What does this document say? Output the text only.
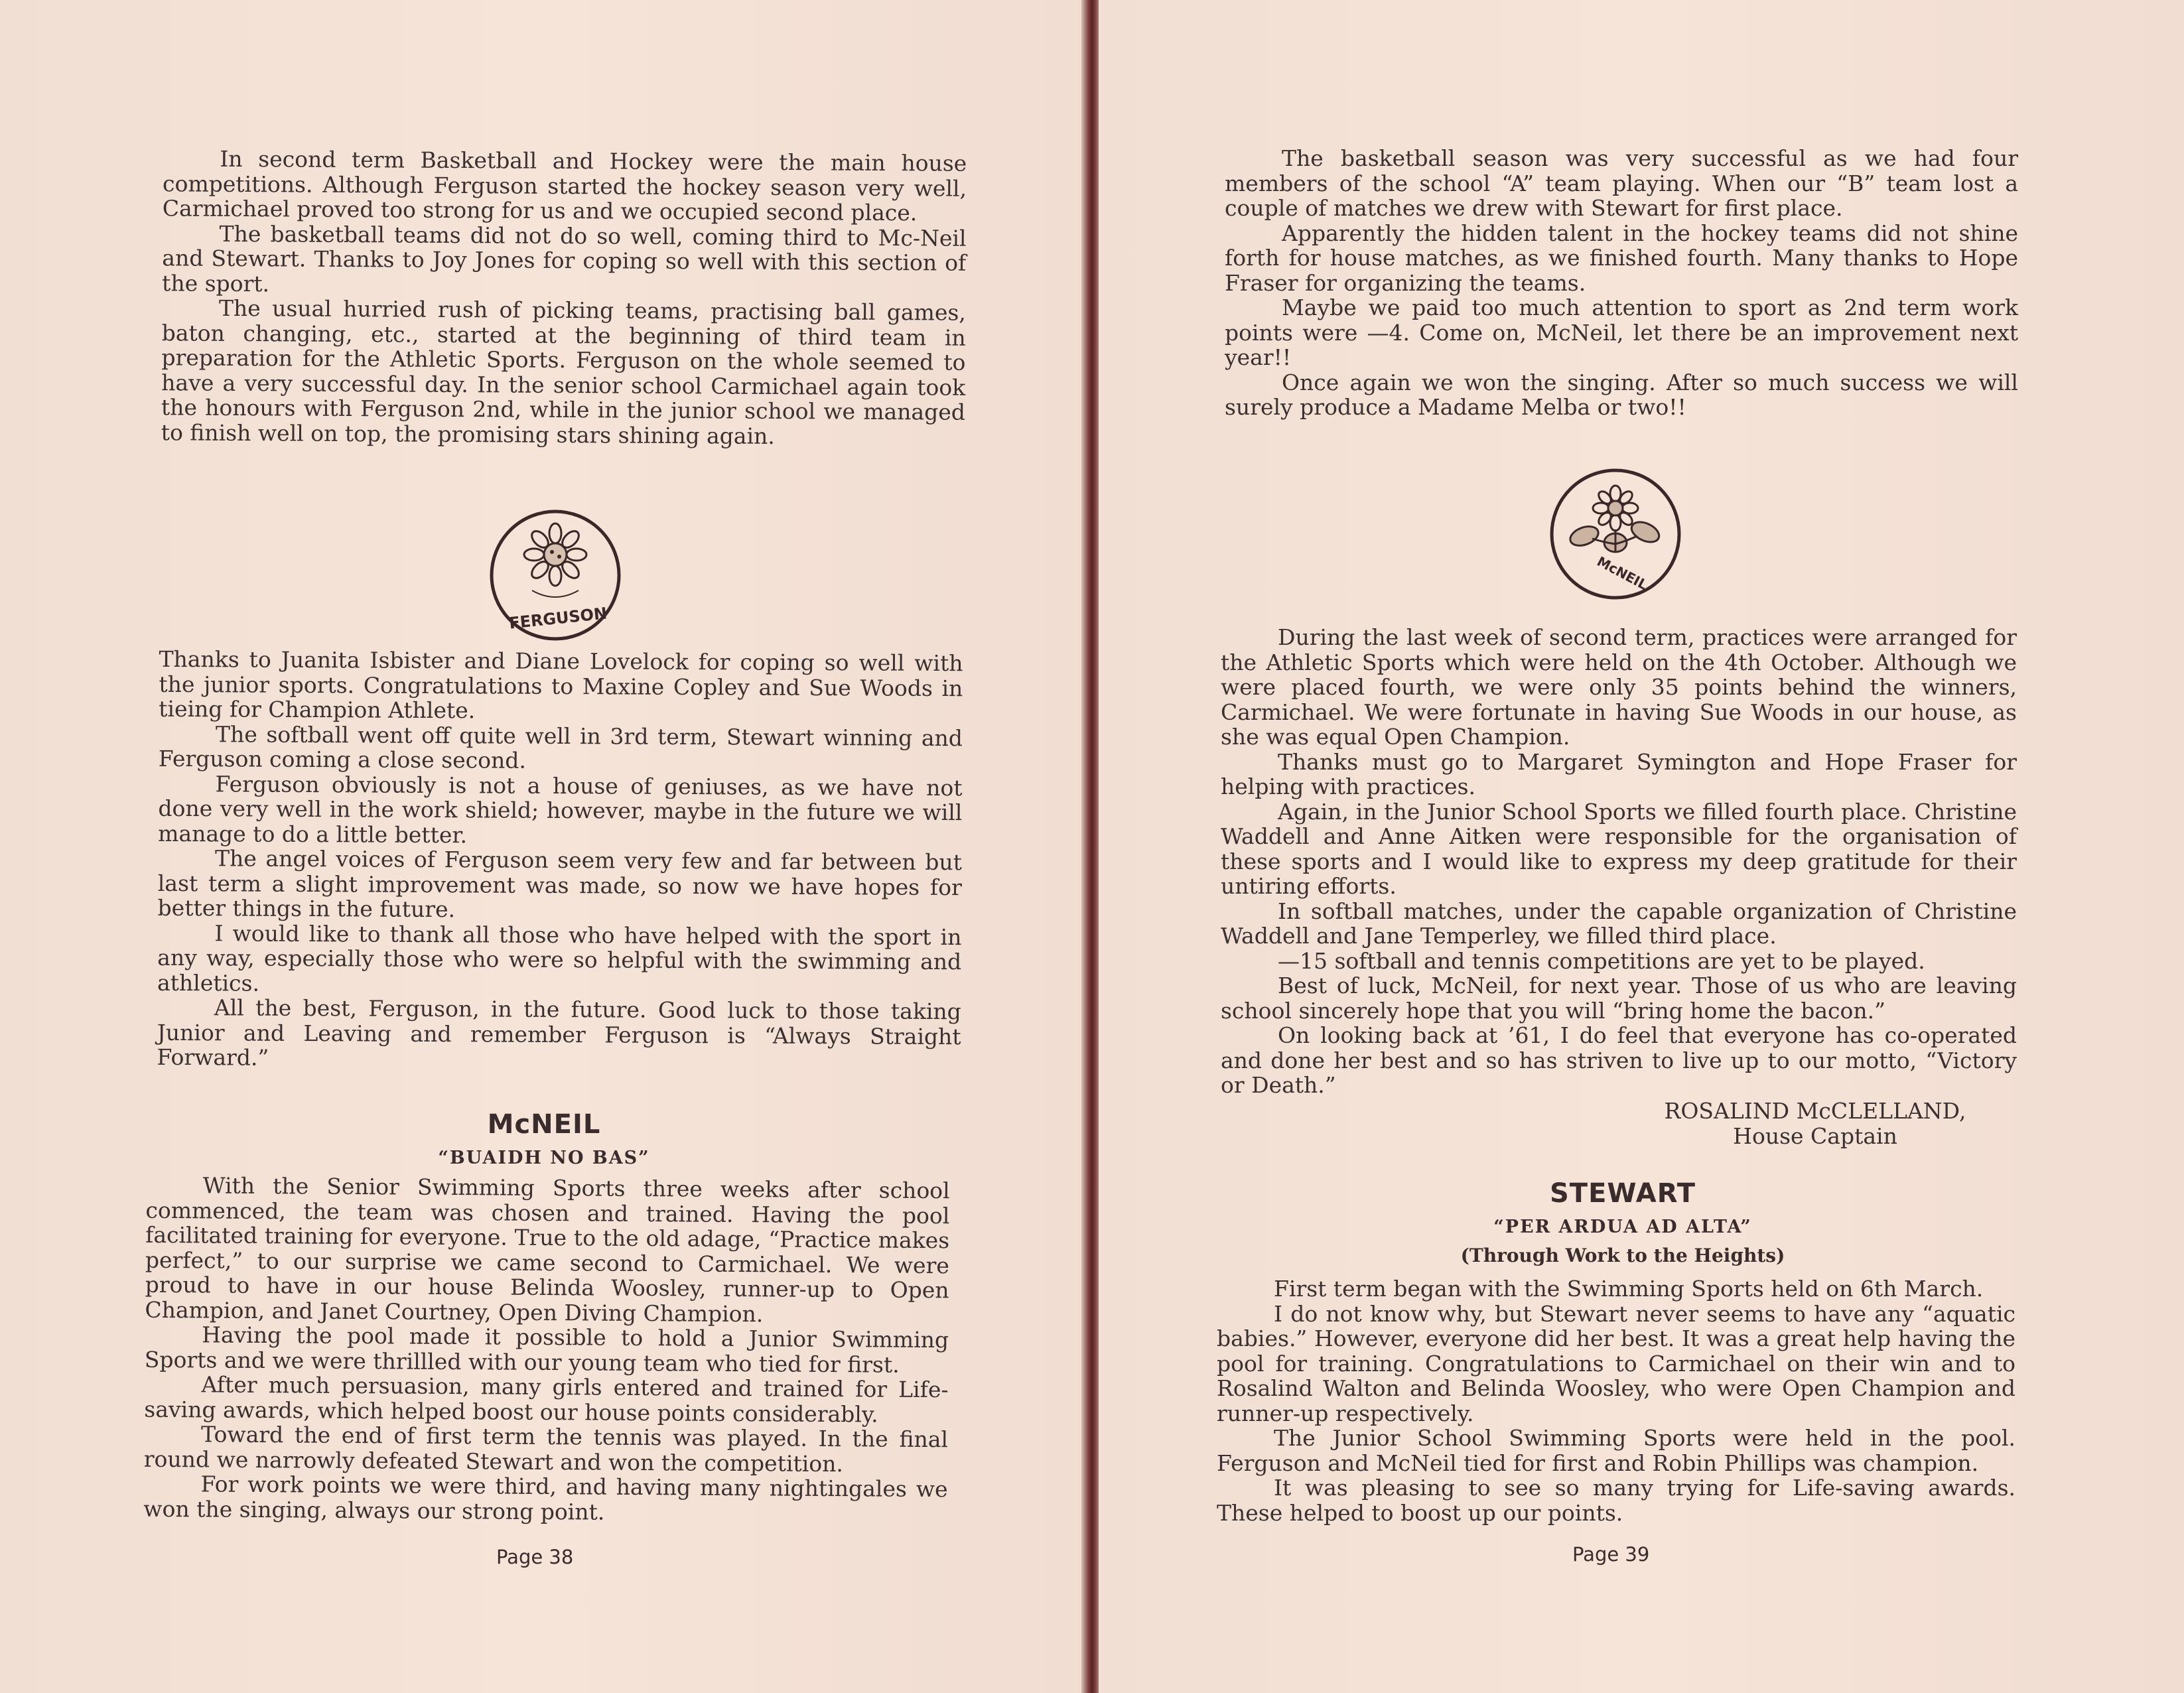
In second term Basketball and Hockey were the main house competitions. Although Ferguson started the hockey season very well, Carmichael proved too strong for us and we occupied second place.

The basketball teams did not do so well, coming third to Mc-Neil and Stewart. Thanks to Joy Jones for coping so well with this section of the sport.

The usual hurried rush of picking teams, practising ball games, baton changing, etc., started at the beginning of third team in preparation for the Athletic Sports. Ferguson on the whole seemed to have a very successful day. In the senior school Carmichael again took the honours with Ferguson 2nd, while in the junior school we managed to finish well on top, the promising stars shining again.

FERGUSON

Thanks to Juanita Isbister and Diane Lovelock for coping so well with the junior sports. Congratulations to Maxine Copley and Sue Woods in tieing for Champion Athlete.

The softball went off quite well in 3rd term, Stewart winning and Ferguson coming a close second.

Ferguson obviously is not a house of geniuses, as we have not done very well in the work shield; however, maybe in the future we will manage to do a little better.

The angel voices of Ferguson seem very few and far between but last term a slight improvement was made, so now we have hopes for better things in the future.

I would like to thank all those who have helped with the sport in any way, especially those who were so helpful with the swimming and athletics.

All the best, Ferguson, in the future. Good luck to those taking Junior and Leaving and remember Ferguson is “Always Straight Forward.”

McNEIL
“BUAIDH NO BAS”

With the Senior Swimming Sports three weeks after school commenced, the team was chosen and trained. Having the pool facilitated training for everyone. True to the old adage, “Practice makes perfect,” to our surprise we came second to Carmichael. We were proud to have in our house Belinda Woosley, runner-up to Open Champion, and Janet Courtney, Open Diving Champion.

Having the pool made it possible to hold a Junior Swimming Sports and we were thrillled with our young team who tied for first.

After much persuasion, many girls entered and trained for Life-saving awards, which helped boost our house points considerably.

Toward the end of first term the tennis was played. In the final round we narrowly defeated Stewart and won the competition.

For work points we were third, and having many nightingales we won the singing, always our strong point.

Page 38

The basketball season was very successful as we had four members of the school “A” team playing. When our “B” team lost a couple of matches we drew with Stewart for first place.

Apparently the hidden talent in the hockey teams did not shine forth for house matches, as we finished fourth. Many thanks to Hope Fraser for organizing the teams.

Maybe we paid too much attention to sport as 2nd term work points were —4. Come on, McNeil, let there be an improvement next year!!

Once again we won the singing. After so much success we will surely produce a Madame Melba or two!!

McNEIL

During the last week of second term, practices were arranged for the Athletic Sports which were held on the 4th October. Although we were placed fourth, we were only 35 points behind the winners, Carmichael. We were fortunate in having Sue Woods in our house, as she was equal Open Champion.

Thanks must go to Margaret Symington and Hope Fraser for helping with practices.

Again, in the Junior School Sports we filled fourth place. Christine Waddell and Anne Aitken were responsible for the organisation of these sports and I would like to express my deep gratitude for their untiring efforts.

In softball matches, under the capable organization of Christine Waddell and Jane Temperley, we filled third place.

—15 softball and tennis competitions are yet to be played.

Best of luck, McNeil, for next year. Those of us who are leaving school sincerely hope that you will “bring home the bacon.”

On looking back at ’61, I do feel that everyone has co-operated and done her best and so has striven to live up to our motto, “Victory or Death.”

ROSALIND McCLELLAND,
House Captain
STEWART
“PER ARDUA AD ALTA”
(Through Work to the Heights)

First term began with the Swimming Sports held on 6th March.

I do not know why, but Stewart never seems to have any “aquatic babies.” However, everyone did her best. It was a great help having the pool for training. Congratulations to Carmichael on their win and to Rosalind Walton and Belinda Woosley, who were Open Champion and runner-up respectively.

The Junior School Swimming Sports were held in the pool. Ferguson and McNeil tied for first and Robin Phillips was champion.

It was pleasing to see so many trying for Life-saving awards. These helped to boost up our points.

Page 39
